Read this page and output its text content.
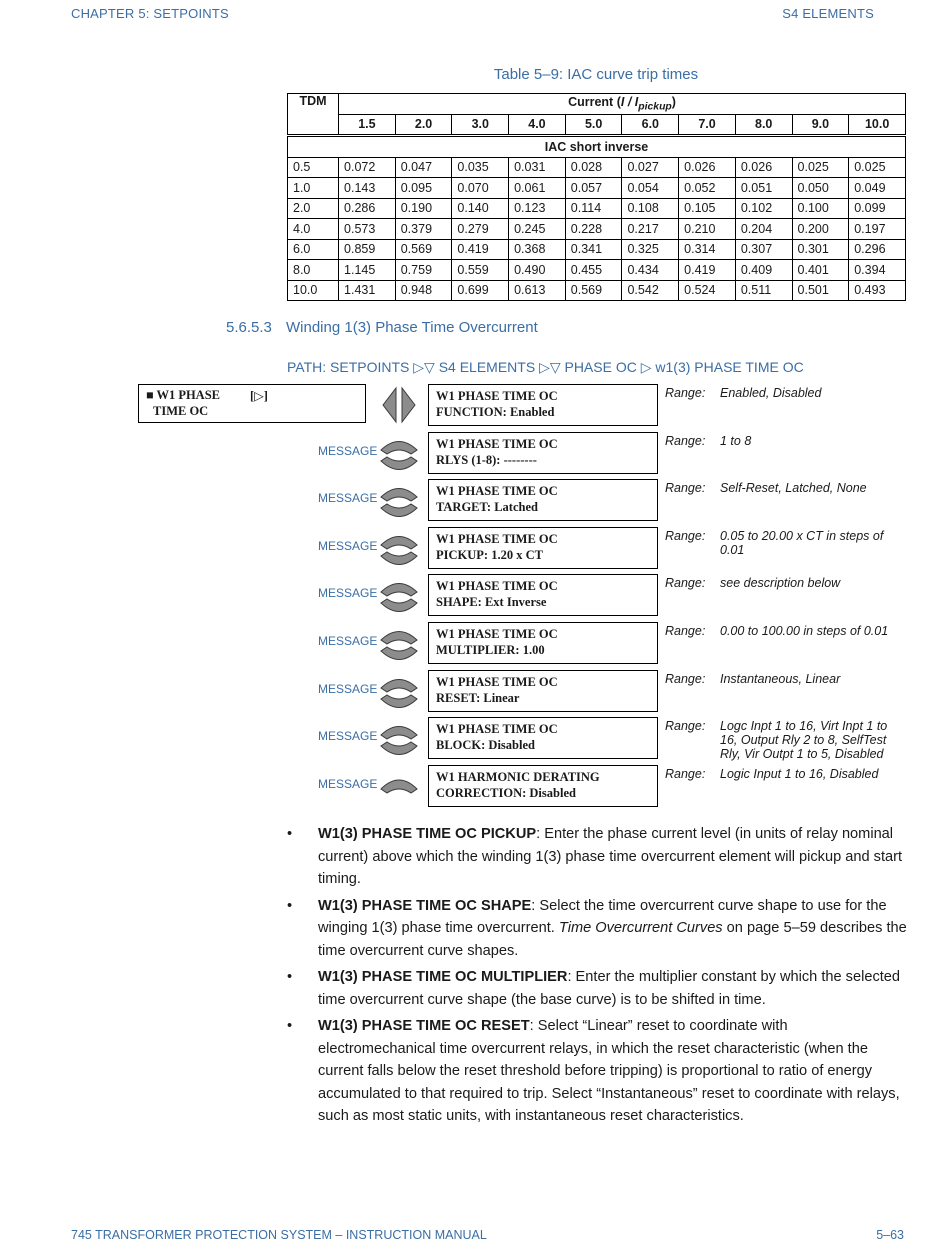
CHAPTER 5: SETPOINTS	S4 ELEMENTS
Table 5–9: IAC curve trip times
TDM	Current $(I / I_{pickup})$									
	1.5	2.0	3.0	4.0	5.0	6.0	7.0	8.0	9.0	10.0
IAC short inverse										
0.5	0.072	0.047	0.035	0.031	0.028	0.027	0.026	0.026	0.025	0.025
1.0	0.143	0.095	0.070	0.061	0.057	0.054	0.052	0.051	0.050	0.049
2.0	0.286	0.190	0.140	0.123	0.114	0.108	0.105	0.102	0.100	0.099
4.0	0.573	0.379	0.279	0.245	0.228	0.217	0.210	0.204	0.200	0.197
6.0	0.859	0.569	0.419	0.368	0.341	0.325	0.314	0.307	0.301	0.296
8.0	1.145	0.759	0.559	0.490	0.455	0.434	0.419	0.409	0.401	0.394
10.0	1.431	0.948	0.699	0.613	0.569	0.542	0.524	0.511	0.501	0.493
5.6.5.3 Winding 1(3) Phase Time Overcurrent
PATH: SETPOINTS ▷▽ S4 ELEMENTS ▷▽ PHASE OC ▷ w1(3) PHASE TIME OC
■ W1 PHASE [▷]
TIME OC
W1 PHASE TIME OC
FUNCTION: Enabled
Range: Enabled, Disabled
MESSAGE	W1 PHASE TIME OC
RLYS (1-8): --------
Range: 1 to 8
MESSAGE	W1 PHASE TIME OC
TARGET: Latched
Range: Self-Reset, Latched, None
MESSAGE	W1 PHASE TIME OC
PICKUP: 1.20 x CT
Range: 0.05 to 20.00 x CT in steps of 0.01
MESSAGE	W1 PHASE TIME OC
SHAPE: Ext Inverse
Range: see description below
MESSAGE	W1 PHASE TIME OC
MULTIPLIER: 1.00
Range: 0.00 to 100.00 in steps of 0.01
MESSAGE	W1 PHASE TIME OC
RESET: Linear
Range: Instantaneous, Linear
MESSAGE	W1 PHASE TIME OC
BLOCK: Disabled
Range: Logc Inpt 1 to 16, Virt Inpt 1 to 16, Output Rly 2 to 8, SelfTest Rly, Vir Outpt 1 to 5, Disabled
MESSAGE	W1 HARMONIC DERATING
CORRECTION: Disabled
Range: Logic Input 1 to 16, Disabled
• W1(3) PHASE TIME OC PICKUP: Enter the phase current level (in units of relay nominal current) above which the winding 1(3) phase time overcurrent element will pickup and start timing.
• W1(3) PHASE TIME OC SHAPE: Select the time overcurrent curve shape to use for the winging 1(3) phase time overcurrent. Time Overcurrent Curves on page 5–59 describes the time overcurrent curve shapes.
• W1(3) PHASE TIME OC MULTIPLIER: Enter the multiplier constant by which the selected time overcurrent curve shape (the base curve) is to be shifted in time.
• W1(3) PHASE TIME OC RESET: Select “Linear” reset to coordinate with electromechanical time overcurrent relays, in which the reset characteristic (when the current falls below the reset threshold before tripping) is proportional to ratio of energy accumulated to that required to trip. Select “Instantaneous” reset to coordinate with relays, such as most static units, with instantaneous reset characteristics.
745 TRANSFORMER PROTECTION SYSTEM – INSTRUCTION MANUAL	5–63
